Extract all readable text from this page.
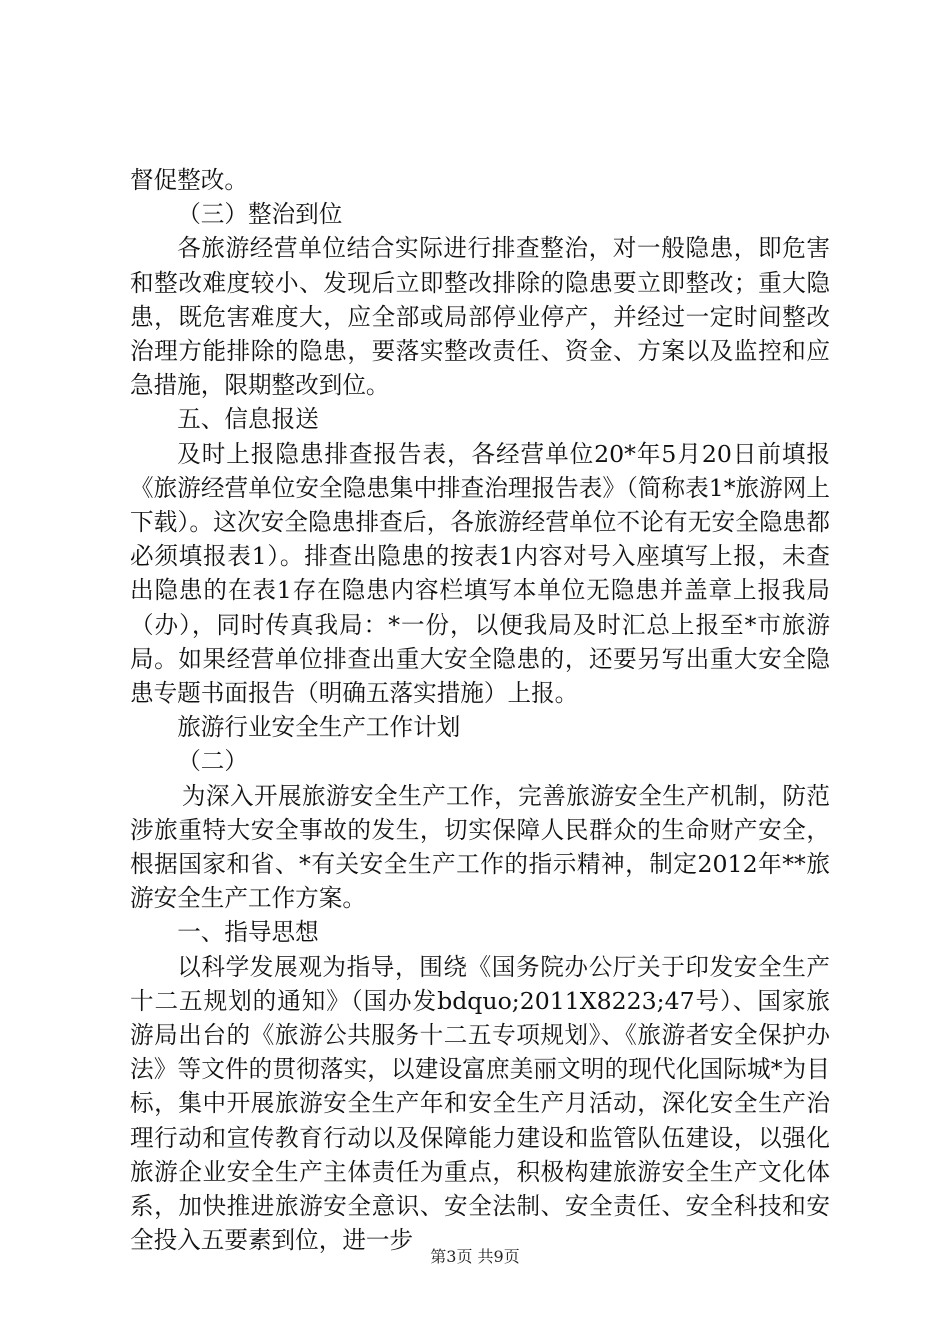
督促整改。

（三）整治到位

各旅游经营单位结合实际进行排查整治，对一般隐患，即危害和整改难度较小、发现后立即整改排除的隐患要立即整改；重大隐患，既危害难度大，应全部或局部停业停产，并经过一定时间整改治理方能排除的隐患，要落实整改责任、资金、方案以及监控和应急措施，限期整改到位。

五、信息报送

及时上报隐患排查报告表，各经营单位20*年5月20日前填报《旅游经营单位安全隐患集中排查治理报告表》（简称表1*旅游网上下载）。这次安全隐患排查后，各旅游经营单位不论有无安全隐患都必须填报表1）。排查出隐患的按表1内容对号入座填写上报，未查出隐患的在表1存在隐患内容栏填写本单位无隐患并盖章上报我局（办），同时传真我局：*一份，以便我局及时汇总上报至*市旅游局。如果经营单位排查出重大安全隐患的，还要另写出重大安全隐患专题书面报告（明确五落实措施）上报。

旅游行业安全生产工作计划

（二）

为深入开展旅游安全生产工作，完善旅游安全生产机制，防范涉旅重特大安全事故的发生，切实保障人民群众的生命财产安全，根据国家和省、*有关安全生产工作的指示精神，制定2012年**旅游安全生产工作方案。

一、指导思想

以科学发展观为指导，围绕《国务院办公厅关于印发安全生产十二五规划的通知》（国办发bdquo;2011X8223;47号）、国家旅游局出台的《旅游公共服务十二五专项规划》、《旅游者安全保护办法》等文件的贯彻落实，以建设富庶美丽文明的现代化国际城*为目标，集中开展旅游安全生产年和安全生产月活动，深化安全生产治理行动和宣传教育行动以及保障能力建设和监管队伍建设，以强化旅游企业安全生产主体责任为重点，积极构建旅游安全生产文化体系，加快推进旅游安全意识、安全法制、安全责任、安全科技和安全投入五要素到位，进一步

第3页 共9页
